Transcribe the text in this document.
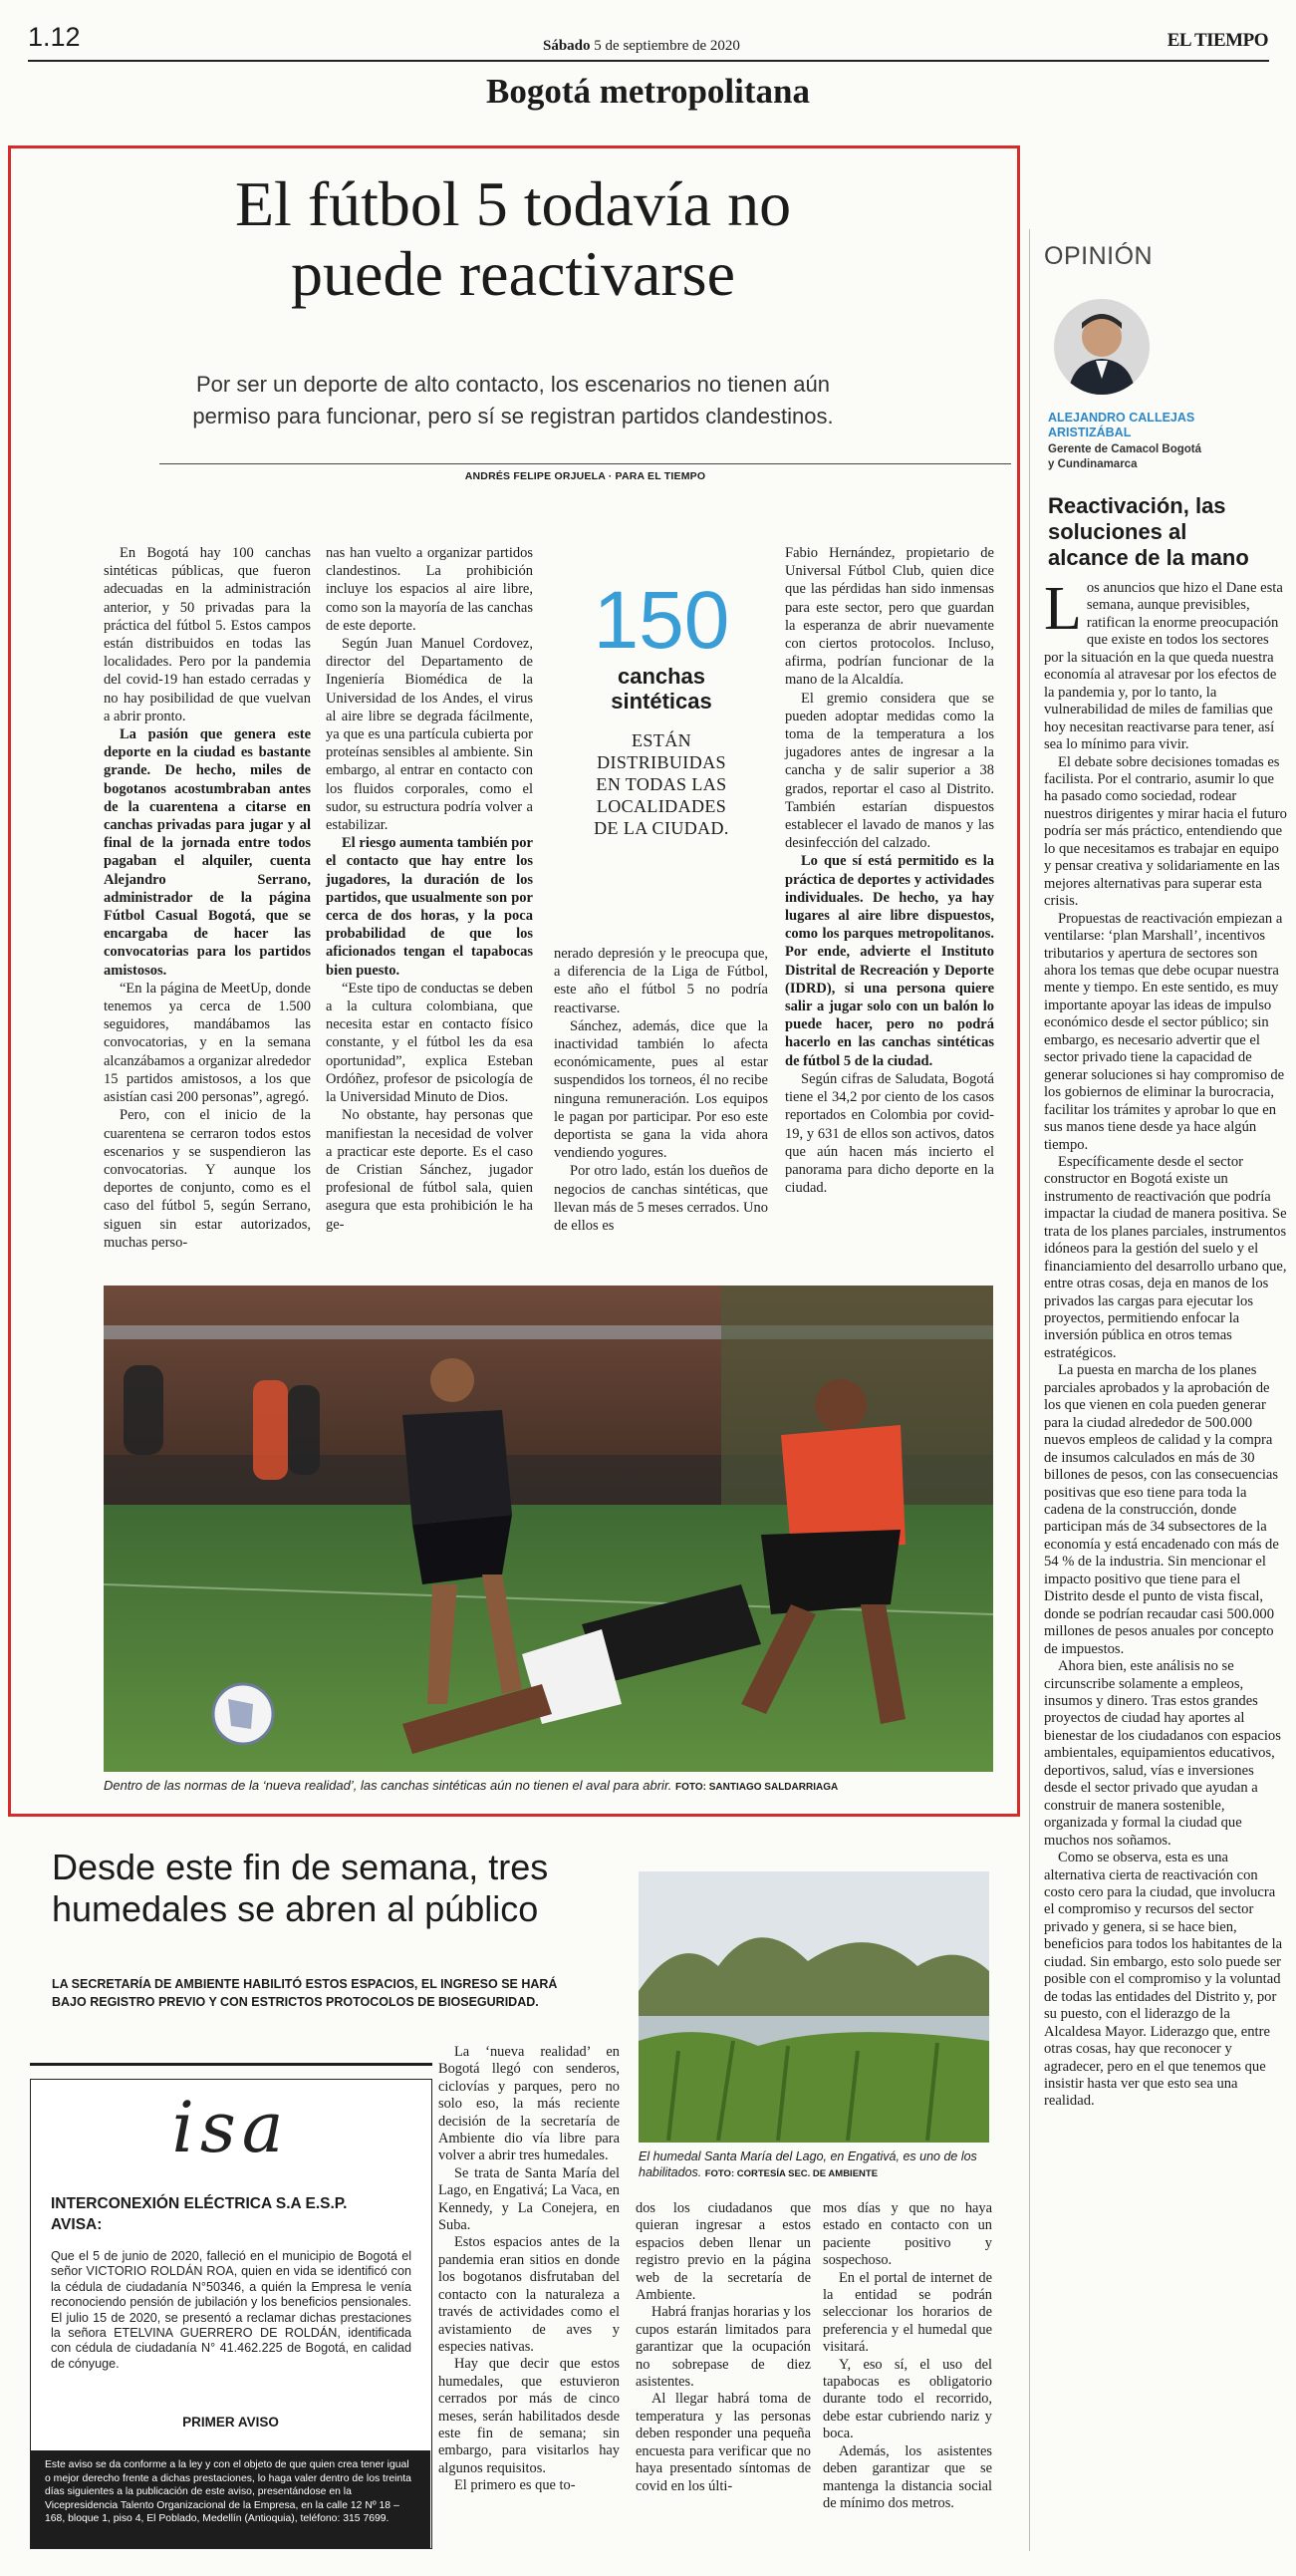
1.12	Sábado 5 de septiembre de 2020	EL TIEMPO
Bogotá metropolitana
El fútbol 5 todavía no
puede reactivarse
Por ser un deporte de alto contacto, los escenarios no tienen aún
permiso para funcionar, pero sí se registran partidos clandestinos.
ANDRÉS FELIPE ORJUELA · PARA EL TIEMPO

En Bogotá hay 100 canchas sintéticas públicas, que fueron adecuadas en la administración anterior, y 50 privadas para la práctica del fútbol 5. Estos campos están distribuidos en todas las localidades. Pero por la pandemia del covid-19 han estado cerradas y no hay posibilidad de que vuelvan a abrir pronto.

La pasión que genera este deporte en la ciudad es bastante grande. De hecho, miles de bogotanos acostumbraban antes de la cuarentena a citarse en canchas privadas para jugar y al final de la jornada entre todos pagaban el alquiler, cuenta Alejandro Serrano, administrador de la página Fútbol Casual Bogotá, que se encargaba de hacer las convocatorias para los partidos amistosos.

“En la página de MeetUp, donde tenemos ya cerca de 1.500 seguidores, mandábamos las convocatorias, y en la semana alcanzábamos a organizar alrededor 15 partidos amistosos, a los que asistían casi 200 personas”, agregó.

Pero, con el inicio de la cuarentena se cerraron todos estos escenarios y se suspendieron las convocatorias. Y aunque los deportes de conjunto, como es el caso del fútbol 5, según Serrano, siguen sin estar autorizados, muchas perso-

nas han vuelto a organizar partidos clandestinos. La prohibición incluye los espacios al aire libre, como son la mayoría de las canchas de este deporte.

Según Juan Manuel Cordovez, director del Departamento de Ingeniería Biomédica de la Universidad de los Andes, el virus al aire libre se degrada fácilmente, ya que es una partícula cubierta por proteínas sensibles al ambiente. Sin embargo, al entrar en contacto con los fluidos corporales, como el sudor, su estructura podría volver a estabilizar.

El riesgo aumenta también por el contacto que hay entre los jugadores, la duración de los partidos, que usualmente son por cerca de dos horas, y la poca probabilidad de que los aficionados tengan el tapabocas bien puesto.

“Este tipo de conductas se deben a la cultura colombiana, que necesita estar en contacto físico constante, y el fútbol les da esa oportunidad”, explica Esteban Ordóñez, profesor de psicología de la Universidad Minuto de Dios.

No obstante, hay personas que manifiestan la necesidad de volver a practicar este deporte. Es el caso de Cristian Sánchez, jugador profesional de fútbol sala, quien asegura que esta prohibición le ha ge-

150
canchas
sintéticas
ESTÁN
DISTRIBUIDAS
EN TODAS LAS
LOCALIDADES
DE LA CIUDAD.

nerado depresión y le preocupa que, a diferencia de la Liga de Fútbol, este año el fútbol 5 no podría reactivarse.

Sánchez, además, dice que la inactividad también lo afecta económicamente, pues al estar suspendidos los torneos, él no recibe ninguna remuneración. Los equipos le pagan por participar. Por eso este deportista se gana la vida ahora vendiendo yogures.

Por otro lado, están los dueños de negocios de canchas sintéticas, que llevan más de 5 meses cerrados. Uno de ellos es

Fabio Hernández, propietario de Universal Fútbol Club, quien dice que las pérdidas han sido inmensas para este sector, pero que guardan la esperanza de abrir nuevamente con ciertos protocolos. Incluso, afirma, podrían funcionar de la mano de la Alcaldía.

El gremio considera que se pueden adoptar medidas como la toma de la temperatura a los jugadores antes de ingresar a la cancha y de salir superior a 38 grados, reportar el caso al Distrito. También estarían dispuestos establecer el lavado de manos y las desinfección del calzado.

Lo que sí está permitido es la práctica de deportes y actividades individuales. De hecho, ya hay lugares al aire libre dispuestos, como los parques metropolitanos. Por ende, advierte el Instituto Distrital de Recreación y Deporte (IDRD), si una persona quiere salir a jugar solo con un balón lo puede hacer, pero no podrá hacerlo en las canchas sintéticas de fútbol 5 de la ciudad.

Según cifras de Saludata, Bogotá tiene el 34,2 por ciento de los casos reportados en Colombia por covid-19, y 631 de ellos son activos, datos que aún hacen más incierto el panorama para dicho deporte en la ciudad.

Dentro de las normas de la ‘nueva realidad’, las canchas sintéticas aún no tienen el aval para abrir. FOTO: SANTIAGO SALDARRIAGA
OPINIÓN
ALEJANDRO CALLEJAS
ARISTIZÁBAL
Gerente de Camacol Bogotá
y Cundinamarca
Reactivación, las
soluciones al
alcance de la mano
L os anuncios que hizo el Dane esta semana, aunque previsibles, ratifican la enorme preocupación que existe en todos los sectores por la situación en la que queda nuestra economía al atravesar por los efectos de la pandemia y, por lo tanto, la vulnerabilidad de miles de familias que hoy necesitan reactivarse para tener, así sea lo mínimo para vivir.

El debate sobre decisiones tomadas es facilista. Por el contrario, asumir lo que ha pasado como sociedad, rodear nuestros dirigentes y mirar hacia el futuro podría ser más práctico, entendiendo que lo que necesitamos es trabajar en equipo y pensar creativa y solidariamente en las mejores alternativas para superar esta crisis.

Propuestas de reactivación empiezan a ventilarse: ‘plan Marshall’, incentivos tributarios y apertura de sectores son ahora los temas que debe ocupar nuestra mente y tiempo. En este sentido, es muy importante apoyar las ideas de impulso económico desde el sector público; sin embargo, es necesario advertir que el sector privado tiene la capacidad de generar soluciones si hay compromiso de los gobiernos de eliminar la burocracia, facilitar los trámites y aprobar lo que en sus manos tiene desde ya hace algún tiempo.

Específicamente desde el sector constructor en Bogotá existe un instrumento de reactivación que podría impactar la ciudad de manera positiva. Se trata de los planes parciales, instrumentos idóneos para la gestión del suelo y el financiamiento del desarrollo urbano que, entre otras cosas, deja en manos de los privados las cargas para ejecutar los proyectos, permitiendo enfocar la inversión pública en otros temas estratégicos.

La puesta en marcha de los planes parciales aprobados y la aprobación de los que vienen en cola pueden generar para la ciudad alrededor de 500.000 nuevos empleos de calidad y la compra de insumos calculados en más de 30 billones de pesos, con las consecuencias positivas que eso tiene para toda la cadena de la construcción, donde participan más de 34 subsectores de la economía y está encadenado con más de 54 % de la industria. Sin mencionar el impacto positivo que tiene para el Distrito desde el punto de vista fiscal, donde se podrían recaudar casi 500.000 millones de pesos anuales por concepto de impuestos.

Ahora bien, este análisis no se circunscribe solamente a empleos, insumos y dinero. Tras estos grandes proyectos de ciudad hay aportes al bienestar de los ciudadanos con espacios ambientales, equipamientos educativos, deportivos, salud, vías e inversiones desde el sector privado que ayudan a construir de manera sostenible, organizada y formal la ciudad que muchos nos soñamos.

Como se observa, esta es una alternativa cierta de reactivación con costo cero para la ciudad, que involucra el compromiso y recursos del sector privado y genera, si se hace bien, beneficios para todos los habitantes de la ciudad. Sin embargo, esto solo puede ser posible con el compromiso y la voluntad de todas las entidades del Distrito y, por su puesto, con el liderazgo de la Alcaldesa Mayor. Liderazgo que, entre otras cosas, hay que reconocer y agradecer, pero en el que tenemos que insistir hasta ver que esto sea una realidad.

Desde este fin de semana, tres
humedales se abren al público
LA SECRETARÍA DE AMBIENTE HABILITÓ ESTOS ESPACIOS, EL INGRESO SE HARÁ
BAJO REGISTRO PREVIO Y CON ESTRICTOS PROTOCOLOS DE BIOSEGURIDAD.
El humedal Santa María del Lago, en Engativá, es uno de los habilitados. FOTO: CORTESÍA SEC. DE AMBIENTE

La ‘nueva realidad’ en Bogotá llegó con senderos, ciclovías y parques, pero no solo eso, la más reciente decisión de la secretaría de Ambiente dio vía libre para volver a abrir tres humedales.

Se trata de Santa María del Lago, en Engativá; La Vaca, en Kennedy, y La Conejera, en Suba.

Estos espacios antes de la pandemia eran sitios en donde los bogotanos disfrutaban del contacto con la naturaleza a través de actividades como el avistamiento de aves y especies nativas.

Hay que decir que estos humedales, que estuvieron cerrados por más de cinco meses, serán habilitados desde este fin de semana; sin embargo, para visitarlos hay algunos requisitos.

El primero es que to-

dos los ciudadanos que quieran ingresar a estos espacios deben llenar un registro previo en la página web de la secretaría de Ambiente.

Habrá franjas horarias y los cupos estarán limitados para garantizar que la ocupación no sobrepase de diez asistentes.

Al llegar habrá toma de temperatura y las personas deben responder una pequeña encuesta para verificar que no haya presentado síntomas de covid en los últi-

mos días y que no haya estado en contacto con un paciente positivo y sospechoso.

En el portal de internet de la entidad se podrán seleccionar los horarios de preferencia y el humedal que visitará.

Y, eso sí, el uso del tapabocas es obligatorio durante todo el recorrido, debe estar cubriendo nariz y boca.

Además, los asistentes deben garantizar que se mantenga la distancia social de mínimo dos metros.

isa
INTERCONEXIÓN ELÉCTRICA S.A E.S.P.
AVISA:
Que el 5 de junio de 2020, falleció en el municipio de Bogotá el señor VICTORIO ROLDÁN ROA, quien en vida se identificó con la cédula de ciudadanía N°50346, a quién la Empresa le venía reconociendo pensión de jubilación y los beneficios pensionales. El julio 15 de 2020, se presentó a reclamar dichas prestaciones la señora ETELVINA GUERRERO DE ROLDÁN, identificada con cédula de ciudadanía N° 41.462.225 de Bogotá, en calidad de cónyuge.
PRIMER AVISO
Este aviso se da conforme a la ley y con el objeto de que quien crea tener igual o mejor derecho frente a dichas prestaciones, lo haga valer dentro de los treinta días siguientes a la publicación de este aviso, presentándose en la Vicepresidencia Talento Organizacional de la Empresa, en la calle 12 Nº 18 – 168, bloque 1, piso 4, El Poblado, Medellín (Antioquia), teléfono: 315 7699.
